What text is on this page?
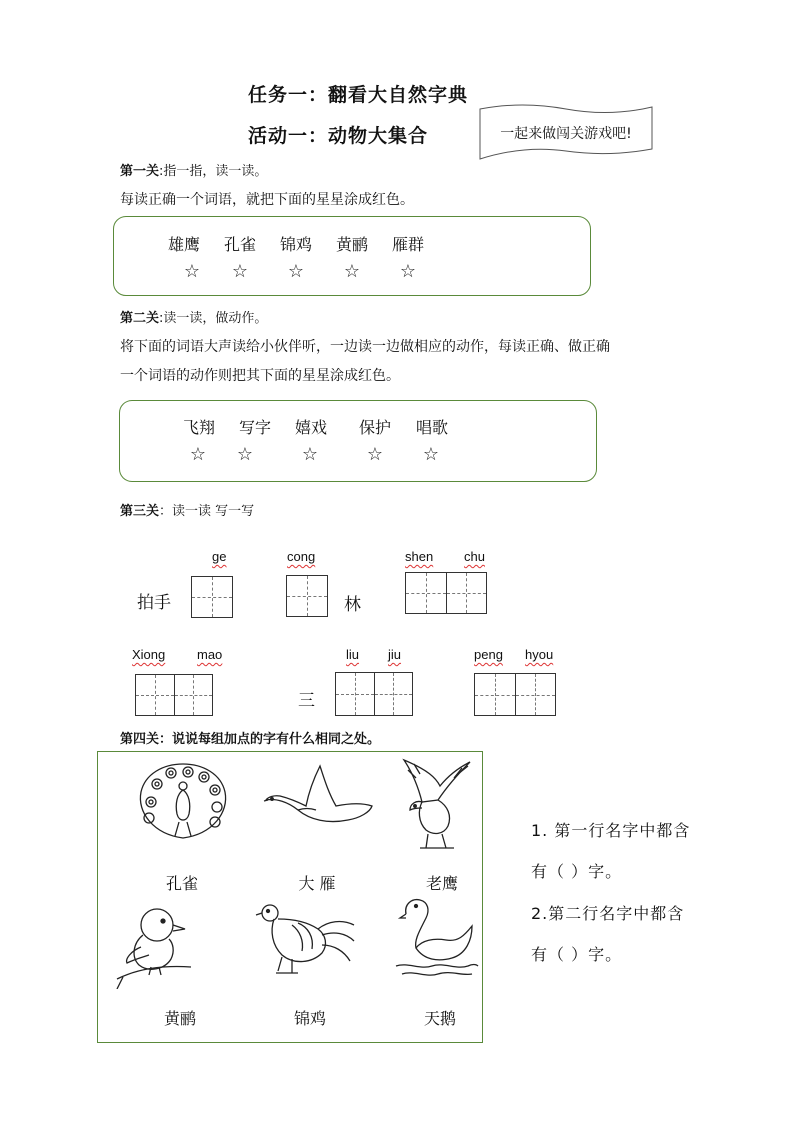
任务一：翻看大自然字典
活动一：动物大集合	一起来做闯关游戏吧!
第一关:指一指，读一读。
每读正确一个词语，就把下面的星星涂成红色。
雄鹰	孔雀	锦鸡	黄鹂	雁群
☆	☆	☆	☆	☆
第二关:读一读，做动作。
将下面的词语大声读给小伙伴听，一边读一边做相应的动作，每读正确、做正确
一个词语的动作则把其下面的星星涂成红色。
飞翔	写字	嬉戏	保护	唱歌
☆	☆	☆	☆	☆
第三关：读一读 写一写
ge	cong	shen chu
拍手	林
Xiong mao	liu jiu	peng hyou
三
第四关：说说每组加点的字有什么相同之处。
孔雀	大 雁	老鹰
黄鹂	锦鸡	天鹅
1. 第一行名字中都含
有（ ）字。
2.第二行名字中都含
有（ ）字。
